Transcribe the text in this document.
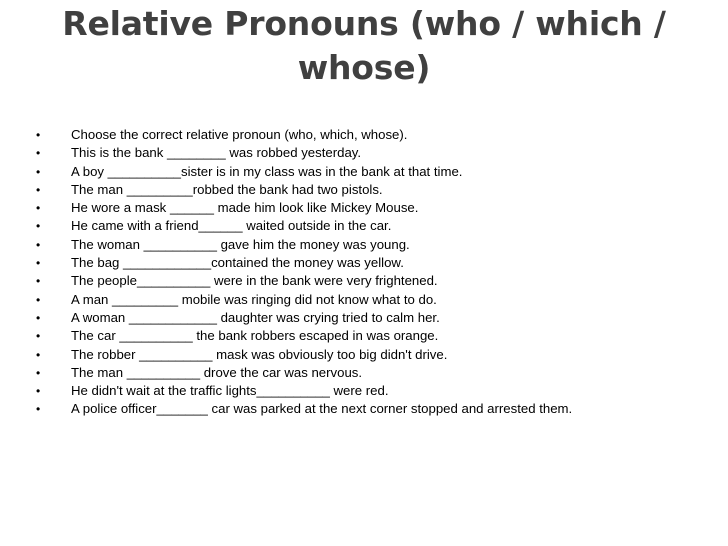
Relative Pronouns (who / which / whose)
•	Choose the correct relative pronoun (who, which, whose).
•	This is the bank ________ was robbed yesterday.
•	A boy __________sister is in my class was in the bank at that time.
•	The man _________robbed the bank had two pistols.
•	He wore a mask ______ made him look like Mickey Mouse.
•	He came with a friend______ waited outside in the car.
•	The woman __________ gave him the money was young.
•	The bag ____________contained the money was yellow.
•	The people__________ were in the bank were very frightened.
•	A man _________ mobile was ringing did not know what to do.
•	A woman ____________ daughter was crying tried to calm her.
•	The car __________ the bank robbers escaped in was orange.
•	The robber __________ mask was obviously too big didn't drive.
•	The man __________ drove the car was nervous.
•	He didn't wait at the traffic lights__________ were red.
•	A police officer_______ car was parked at the next corner stopped and arrested them.
